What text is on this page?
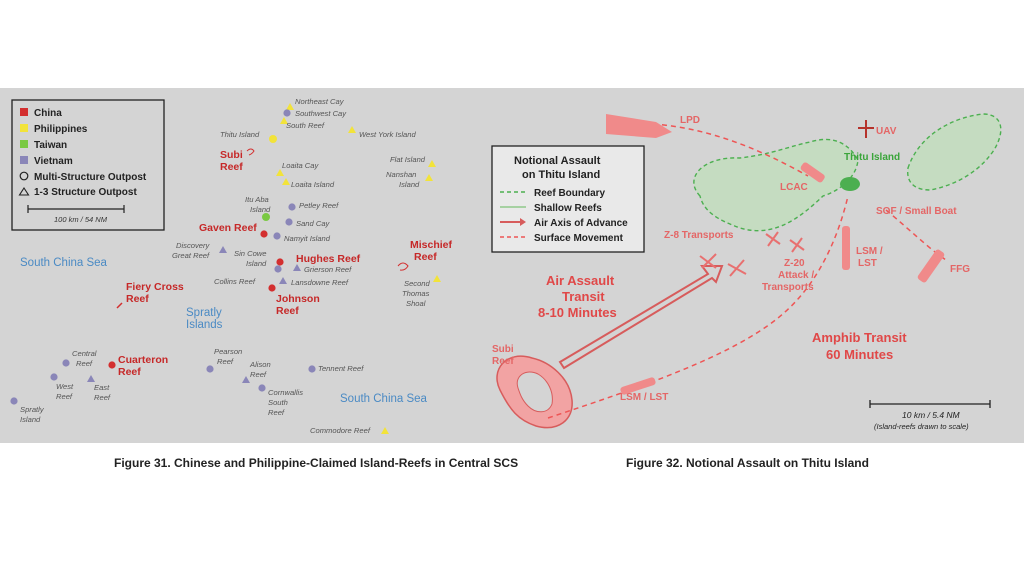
China
Philippines
Taiwan
Vietnam
Multi-Structure Outpost
1-3 Structure Outpost
100 km / 54 NM
South China Sea
South China Sea
Spratly
Islands
Northeast Cay
Southwest Cay
South Reef
Thitu Island	West York Island
Loaita Cay
Loaita Island
Flat Island
Nanshan
Island
Itu Aba
Island	Petley Reef
Sand Cay
Namyit Island
Discovery
Great Reef	Sin Cowe
Island
Grierson Reef
Collins Reef	Lansdowne Reef	Second
Thomas
Shoal
Central
Reef
Pearson
Reef Alison
Reef
Tennent Reef
West
Reef
East
Reef
Cornwallis
South
Reef
Spratly
Island
Commodore Reef
Subi
Reef
Gaven Reef
Hughes Reef
Mischief
Reef
Fiery Cross
Reef	Johnson
Reef
Cuarteron
Reef
LPD
UAV
Thitu Island
LCAC
SOF / Small Boat
Z-8 Transports
Z-20
Attack /
Transports
LSM /
LST
FFG
Air Assault
Transit
8-10 Minutes
Amphib Transit
60 Minutes
Subi
Reef
LSM / LST
10 km / 5.4 NM
(Island-reefs drawn to scale)
Notional Assault
on Thitu Island
Reef Boundary
Shallow Reefs
Air Axis of Advance
Surface Movement
Figure 31. Chinese and Philippine-Claimed Island-Reefs in Central SCS	Figure 32. Notional Assault on Thitu Island
